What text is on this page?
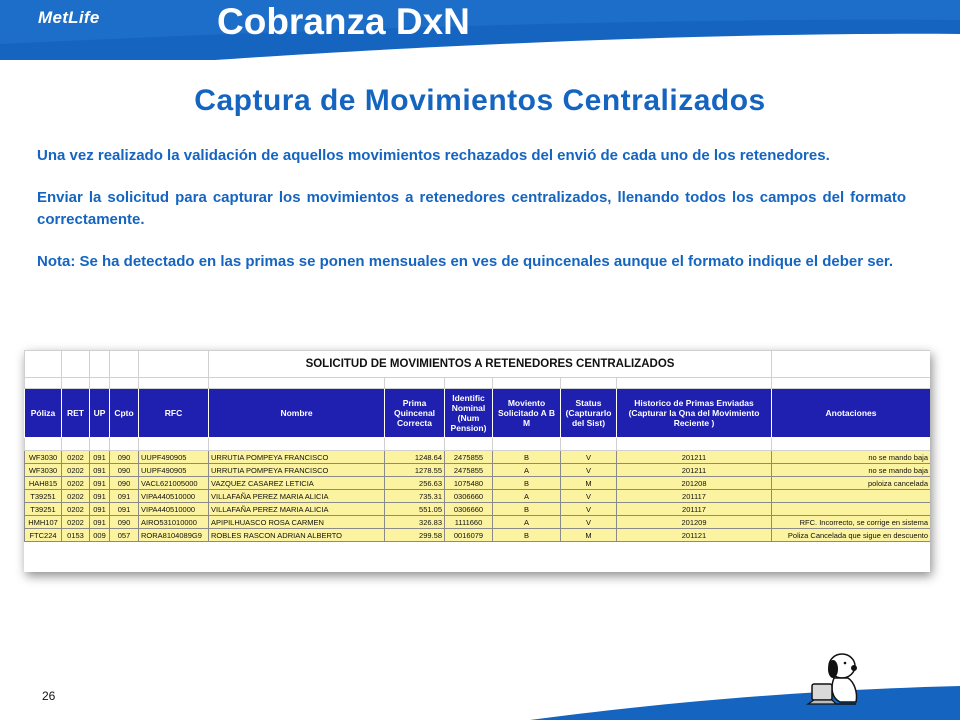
MetLife	Cobranza DxN
Captura de Movimientos Centralizados

Una vez realizado la validación de aquellos movimientos rechazados del envió de cada uno de los retenedores.

Enviar la solicitud para capturar los movimientos a retenedores centralizados, llenando todos los campos del formato correctamente.

Nota: Se ha detectado en las primas se ponen mensuales en ves de quincenales aunque el formato indique el deber ser.

					SOLICITUD DE MOVIMIENTOS A RETENEDORES CENTRALIZADOS						

Póliza	RET	UP	Cpto	RFC	Nombre	Prima Quincenal Correcta	Identific Nominal (Num Pension)	Moviento Solicitado A B M	Status (Capturarlo del Sist)	Historico de Primas Enviadas (Capturar la Qna del Movimiento Reciente )	Anotaciones

WF3030	0202	091	090	UUPF490905	URRUTIA POMPEYA FRANCISCO	1248.64	2475855	B	V	201211	no se mando baja
WF3030	0202	091	090	UUPF490905	URRUTIA POMPEYA FRANCISCO	1278.55	2475855	A	V	201211	no se mando baja
HAH815	0202	091	090	VACL621005000	VAZQUEZ CASAREZ LETICIA	256.63	1075480	B	M	201208	poloiza cancelada
T39251	0202	091	091	VIPA440510000	VILLAFAÑA PEREZ MARIA ALICIA	735.31	0306660	A	V	201117	
T39251	0202	091	091	VIPA440510000	VILLAFAÑA PEREZ MARIA ALICIA	551.05	0306660	B	V	201117	
HMH107	0202	091	090	AIRO531010000	APIPILHUASCO ROSA CARMEN	326.83	1111660	A	V	201209	RFC. Incorrecto, se corrige en sistema
FTC224	0153	009	057	RORA8104089G9	ROBLES RASCON ADRIAN ALBERTO	299.58	0016079	B	M	201121	Poliza Cancelada que sigue en descuento
26
